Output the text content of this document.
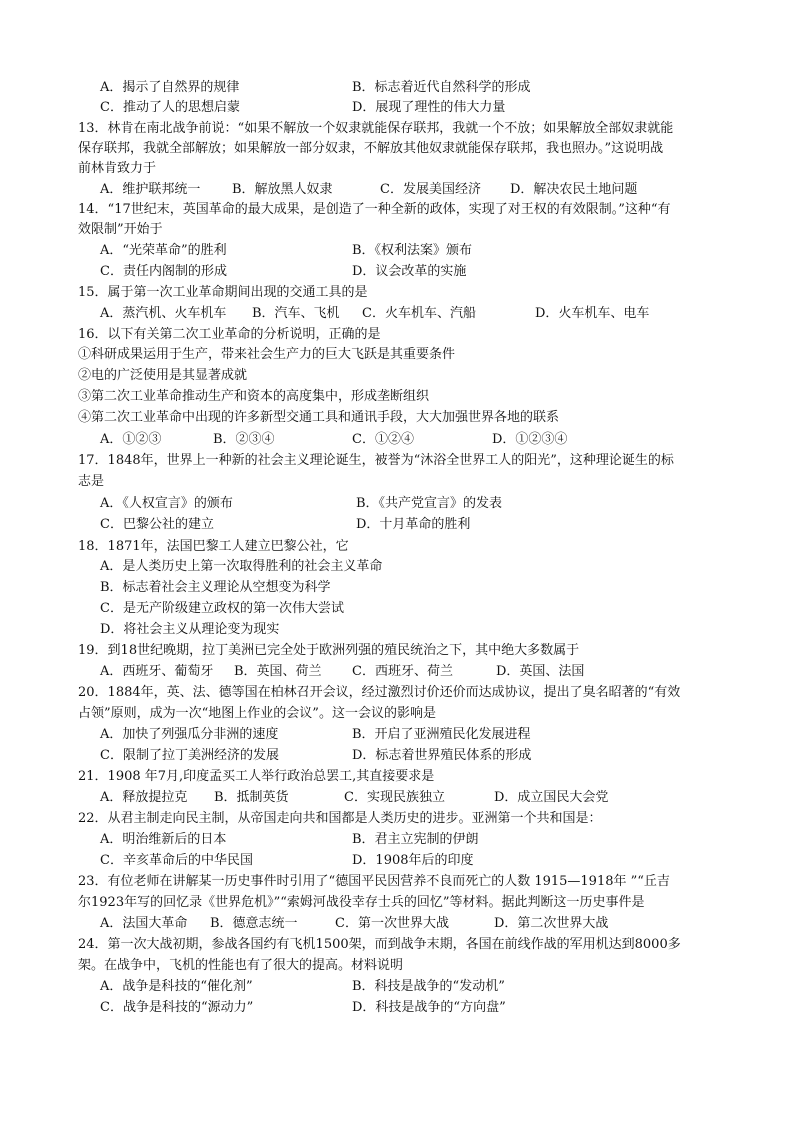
A．揭示了自然界的规律	B．标志着近代自然科学的形成
C．推动了人的思想启蒙	D．展现了理性的伟大力量
13．林肯在南北战争前说：“如果不解放一个奴隶就能保存联邦，我就一个不放；如果解放全部奴隶就能
保存联邦，我就全部解放；如果解放一部分奴隶，不解放其他奴隶就能保存联邦，我也照办。”这说明战
前林肯致力于
A．维护联邦统一 B．解放黑人奴隶	C．发展美国经济 D．解决农民土地问题
14．“17世纪末，英国革命的最大成果，是创造了一种全新的政体，实现了对王权的有效限制。”这种“有
效限制”开始于
A．“光荣革命”的胜利	B．《权利法案》颁布
C．责任内阁制的形成	D．议会改革的实施
15．属于第一次工业革命期间出现的交通工具的是
A．蒸汽机、火车机车 B．汽车、飞机 C．火车机车、汽船	D．火车机车、电车
16．以下有关第二次工业革命的分析说明，正确的是
①科研成果运用于生产，带来社会生产力的巨大飞跃是其重要条件
②电的广泛使用是其显著成就
③第二次工业革命推动生产和资本的高度集中，形成垄断组织
④第二次工业革命中出现的许多新型交通工具和通讯手段，大大加强世界各地的联系
A．①②③	B．②③④	C．①②④	D．①②③④
17．1848年，世界上一种新的社会主义理论诞生，被誉为“沐浴全世界工人的阳光”，这种理论诞生的标
志是
A．《人权宣言》的颁布	B．《共产党宣言》的发表
C．巴黎公社的建立	D．十月革命的胜利
18．1871年，法国巴黎工人建立巴黎公社，它
A．是人类历史上第一次取得胜利的社会主义革命
B．标志着社会主义理论从空想变为科学
C．是无产阶级建立政权的第一次伟大尝试
D．将社会主义从理论变为现实
19．到18世纪晚期，拉丁美洲已完全处于欧洲列强的殖民统治之下，其中绝大多数属于
A．西班牙、葡萄牙 B．英国、荷兰 C．西班牙、荷兰	D．英国、法国
20．1884年，英、法、德等国在柏林召开会议，经过激烈讨价还价而达成协议，提出了臭名昭著的“有效
占领”原则，成为一次“地图上作业的会议”。这一会议的影响是
A．加快了列强瓜分非洲的速度	B．开启了亚洲殖民化发展进程
C．限制了拉丁美洲经济的发展	D．标志着世界殖民体系的形成
21．1908 年7月,印度孟买工人举行政治总罢工,其直接要求是
A．释放提拉克 B．抵制英货	C．实现民族独立	D．成立国民大会党
22．从君主制走向民主制，从帝国走向共和国都是人类历史的进步。亚洲第一个共和国是：
A．明治维新后的日本	B．君主立宪制的伊朗
C．辛亥革命后的中华民国	D．1908年后的印度
23．有位老师在讲解某一历史事件时引用了“德国平民因营养不良而死亡的人数 1915—1918年 ”“丘吉
尔1923年写的回忆录《世界危机》”“索姆河战役幸存士兵的回忆”等材料。据此判断这一历史事件是
A．法国大革命 B．德意志统一	C．第一次世界大战	D．第二次世界大战
24．第一次大战初期，参战各国约有飞机1500架，而到战争末期，各国在前线作战的军用机达到8000多
架。在战争中，飞机的性能也有了很大的提高。材料说明
A．战争是科技的“催化剂”	B．科技是战争的“发动机”
C．战争是科技的“源动力”	D．科技是战争的“方向盘”
